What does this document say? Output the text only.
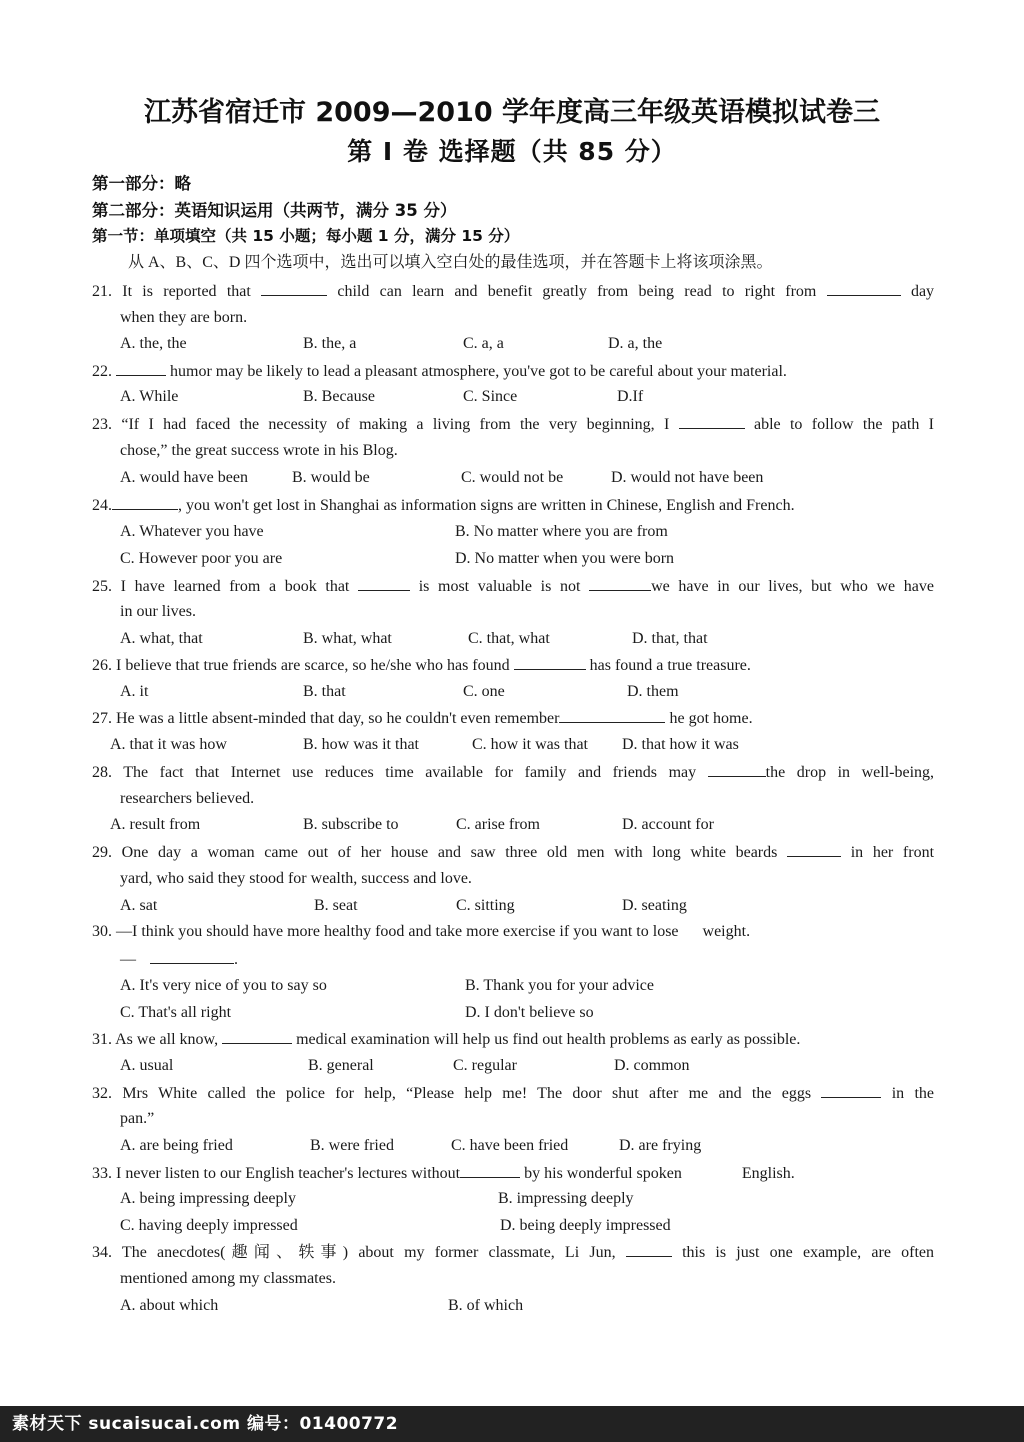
江苏省宿迁市 2009—2010 学年度高三年级英语模拟试卷三
第 I 卷 选择题（共 85 分）
第一部分：略
第二部分：英语知识运用（共两节，满分 35 分）
第一节：单项填空（共 15 小题；每小题 1 分，满分 15 分）
从 A、B、C、D 四个选项中，选出可以填入空白处的最佳选项，并在答题卡上将该项涂黑。
21. It is reported that	child can learn and benefit greatly from being read to right from	day
when they are born.
A. the, the	B. the, a	C. a, a	D. a, the
22.	humor may be likely to lead a pleasant atmosphere, you've got to be careful about your material.
A. While	B. Because	C. Since	D.If
23. “If I had faced the necessity of making a living from the very beginning, I	able to follow the path I
chose,” the great success wrote in his Blog.
A. would have been	B. would be	C. would not be	D. would not have been
24.	, you won't get lost in Shanghai as information signs are written in Chinese, English and French.
A. Whatever you have	B. No matter where you are from
C. However poor you are	D. No matter when you were born
25. I have learned from a book that	is most valuable is not	we have in our lives, but who we have
in our lives.
A. what, that	B. what, what	C. that, what	D. that, that
26. I believe that true friends are scarce, so he/she who has found	has found a true treasure.
A. it	B. that	C. one	D. them
27. He was a little absent-minded that day, so he couldn't even remember	he got home.
A. that it was how	B. how was it that	C. how it was that D. that how it was
28. The fact that Internet use reduces time available for family and friends may	the drop in well-being,
researchers believed.
A. result from	B. subscribe to	C. arise from	D. account for
29. One day a woman came out of her house and saw three old men with long white beards	in her front
yard, who said they stood for wealth, success and love.
A. sat	B. seat	C. sitting	D. seating
30. —I think you should have more healthy food and take more exercise if you want to lose weight.
—	.
A. It's very nice of you to say so	B. Thank you for your advice
C. That's all right	D. I don't believe so
31. As we all know,	medical examination will help us find out health problems as early as possible.
A. usual	B. general	C. regular	D. common
32. Mrs White called the police for help, “Please help me! The door shut after me and the eggs	in the
pan.”
A. are being fried	B. were fried	C. have been fried	D. are frying
33. I never listen to our English teacher's lectures without	by his wonderful spoken	English.
A. being impressing deeply	B. impressing deeply
C. having deeply impressed	D. being deeply impressed
34. The anecdotes(趣闻、轶事) about my former classmate, Li Jun,	this is just one example, are often
mentioned among my classmates.
A. about which	B. of which
素材天下 sucaisucai.com 编号：01400772
